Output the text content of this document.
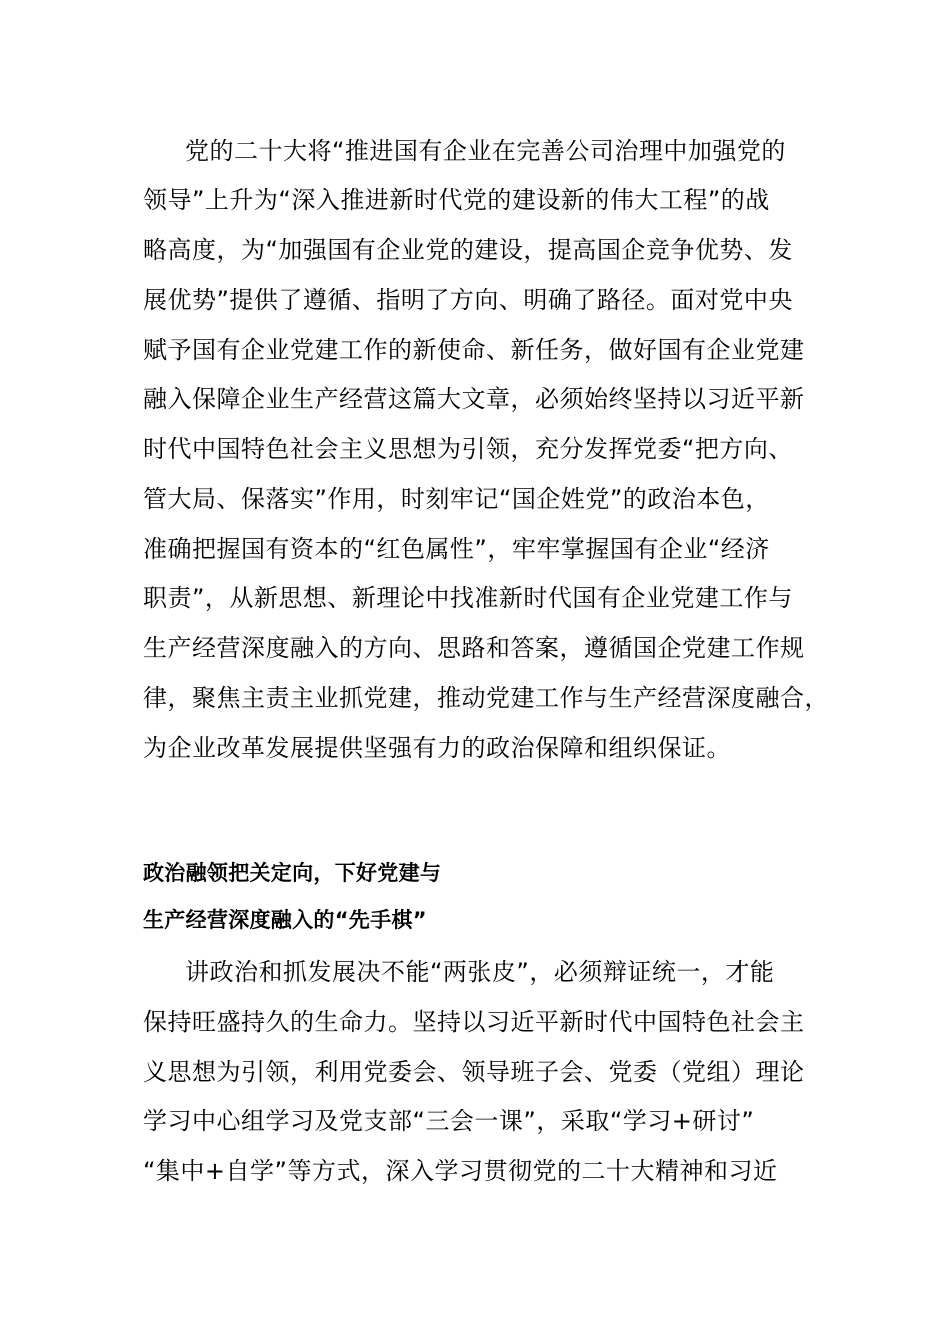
党的二十大将“推进国有企业在完善公司治理中加强党的
领导”上升为“深入推进新时代党的建设新的伟大工程”的战
略高度，为“加强国有企业党的建设，提高国企竞争优势、发
展优势”提供了遵循、指明了方向、明确了路径。面对党中央
赋予国有企业党建工作的新使命、新任务，做好国有企业党建
融入保障企业生产经营这篇大文章，必须始终坚持以习近平新
时代中国特色社会主义思想为引领，充分发挥党委“把方向、
管大局、保落实”作用，时刻牢记“国企姓党”的政治本色，
准确把握国有资本的“红色属性”，牢牢掌握国有企业“经济
职责”，从新思想、新理论中找准新时代国有企业党建工作与
生产经营深度融入的方向、思路和答案，遵循国企党建工作规
律，聚焦主责主业抓党建，推动党建工作与生产经营深度融合，
为企业改革发展提供坚强有力的政治保障和组织保证。
政治融领把关定向，下好党建与
生产经营深度融入的“先手棋”
讲政治和抓发展决不能“两张皮”，必须辩证统一，才能
保持旺盛持久的生命力。坚持以习近平新时代中国特色社会主
义思想为引领，利用党委会、领导班子会、党委（党组）理论
学习中心组学习及党支部“三会一课”，采取“学习+研讨”
“集中+自学”等方式，深入学习贯彻党的二十大精神和习近
